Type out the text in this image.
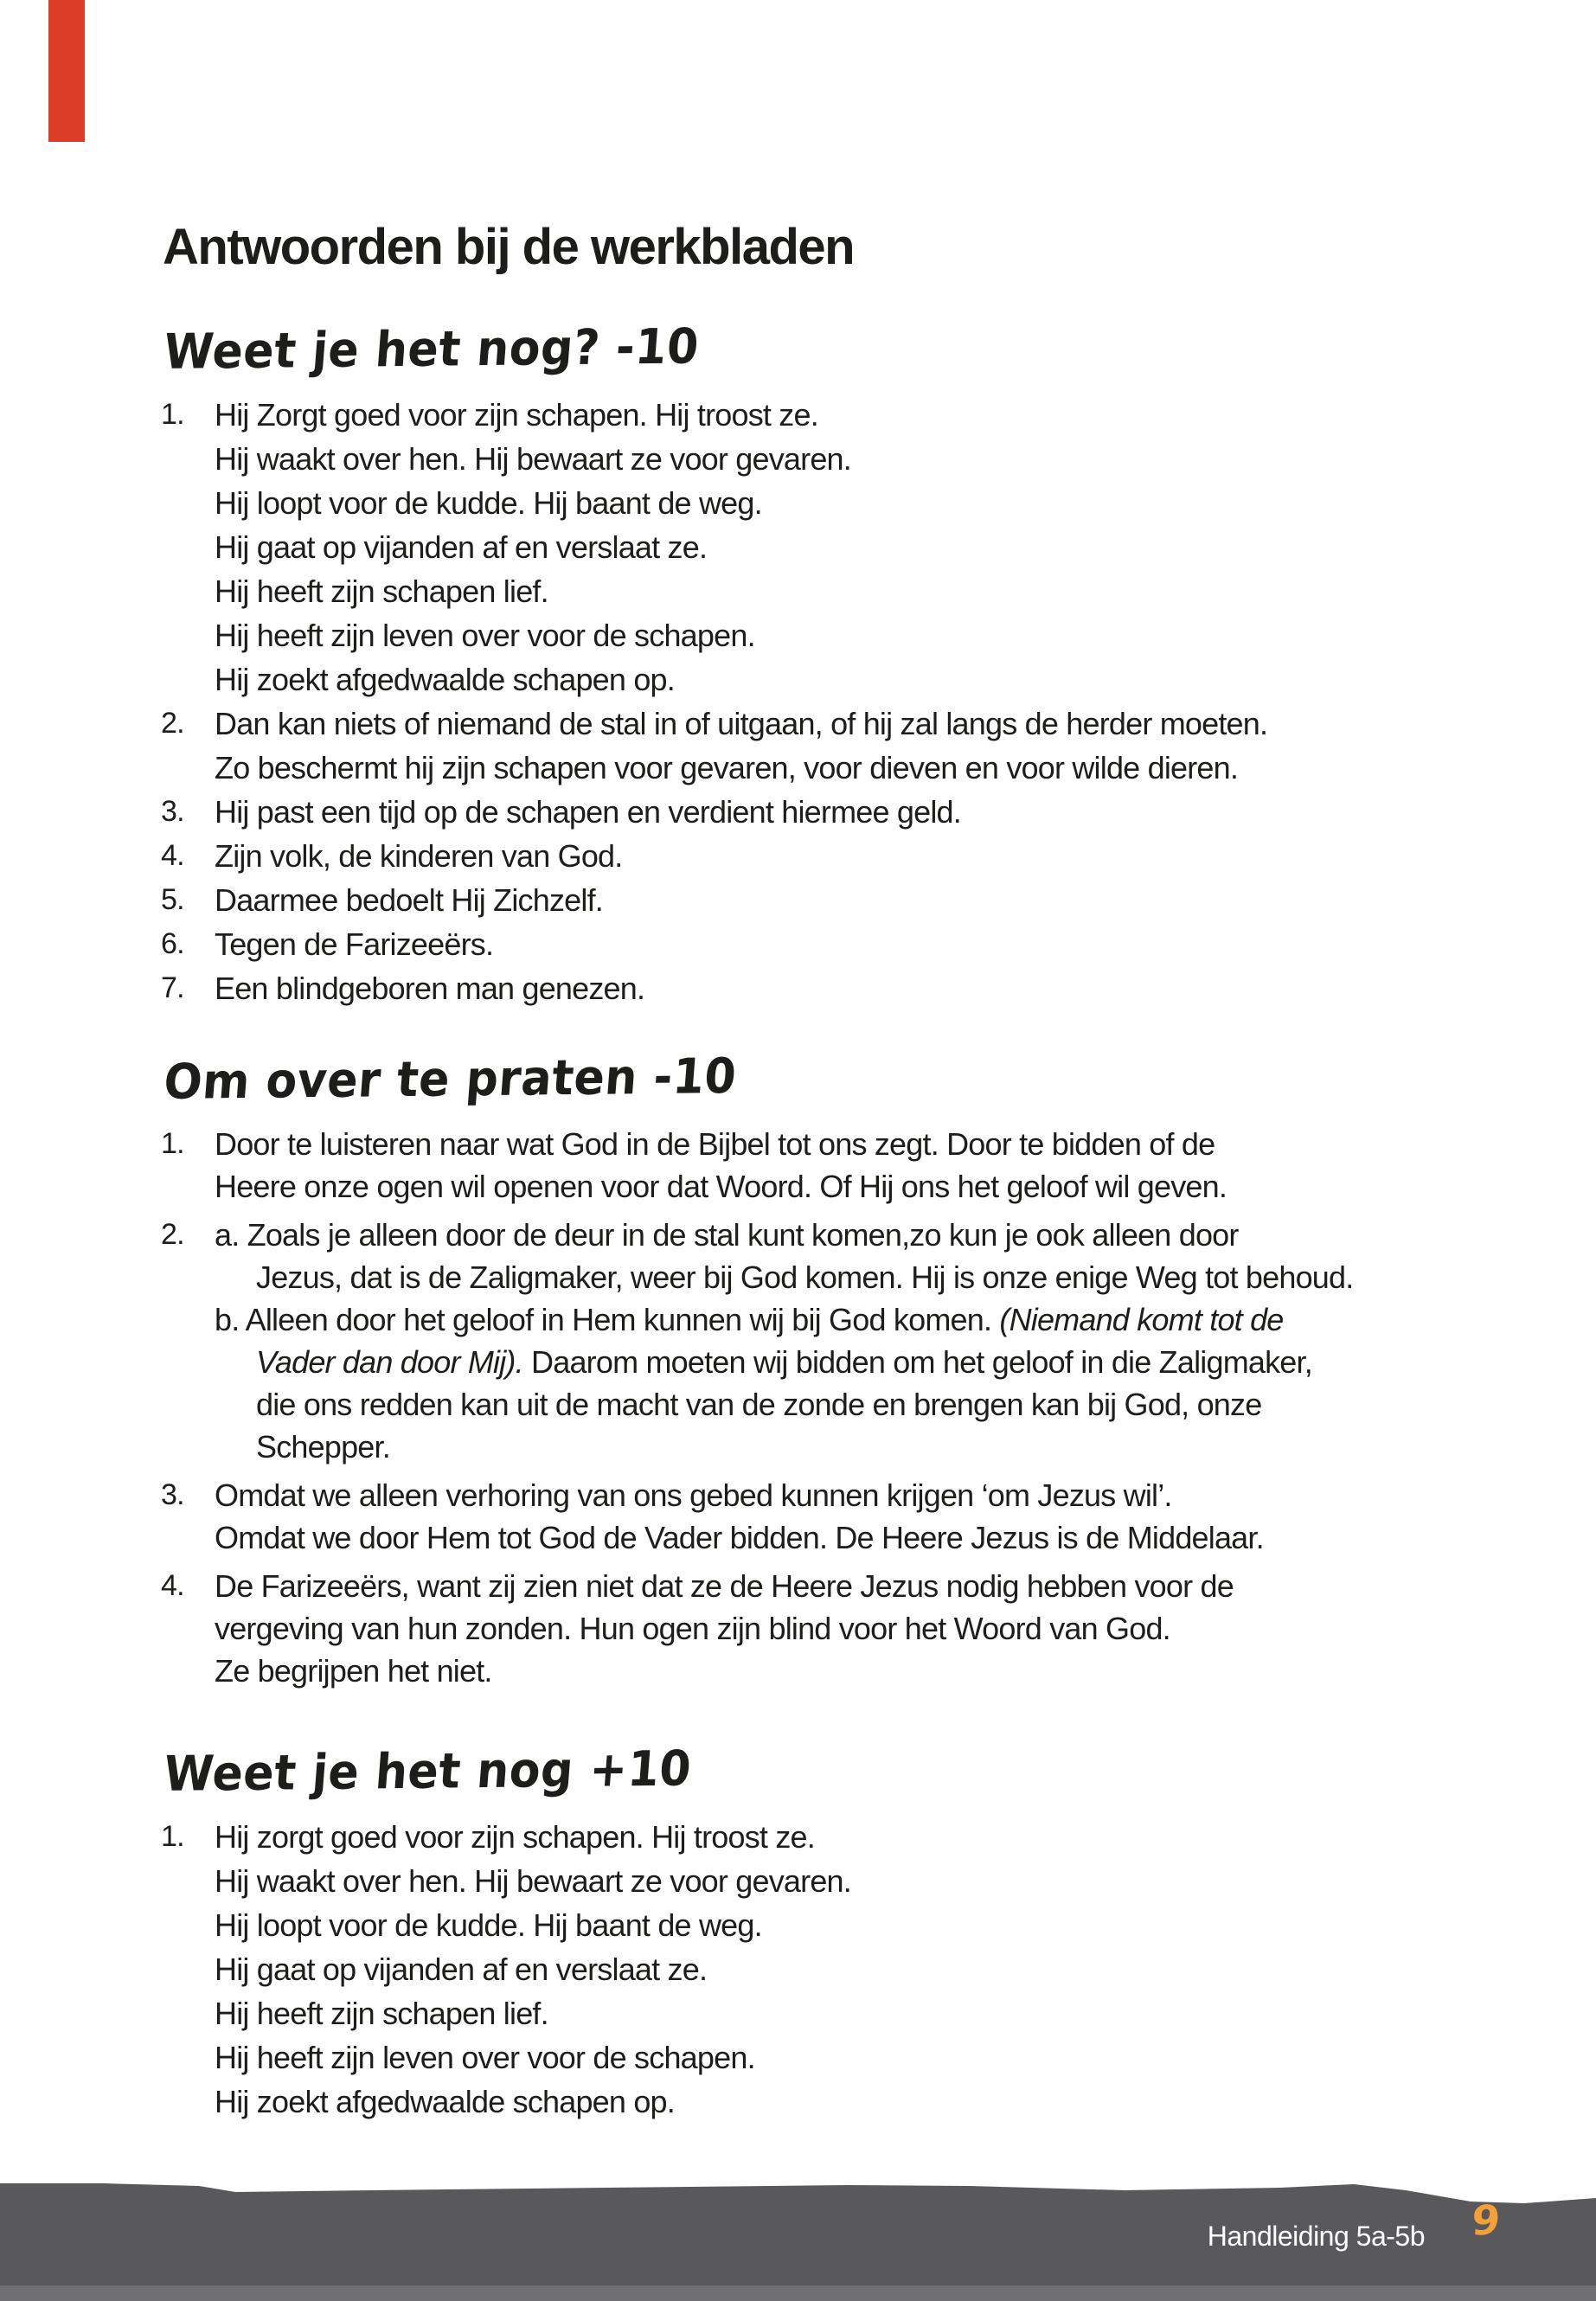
Antwoorden bij de werkbladen
Weet je het nog? -10
1. Hij Zorgt goed voor zijn schapen. Hij troost ze.
Hij waakt over hen. Hij bewaart ze voor gevaren.
Hij loopt voor de kudde. Hij baant de weg.
Hij gaat op vijanden af en verslaat ze.
Hij heeft zijn schapen lief.
Hij heeft zijn leven over voor de schapen.
Hij zoekt afgedwaalde schapen op.
2. Dan kan niets of niemand de stal in of uitgaan, of hij zal langs de herder moeten.
Zo beschermt hij zijn schapen voor gevaren, voor dieven en voor wilde dieren.
3. Hij past een tijd op de schapen en verdient hiermee geld.
4. Zijn volk, de kinderen van God.
5. Daarmee bedoelt Hij Zichzelf.
6. Tegen de Farizeeërs.
7. Een blindgeboren man genezen.
Om over te praten -10
1. Door te luisteren naar wat God in de Bijbel tot ons zegt. Door te bidden of de
Heere onze ogen wil openen voor dat Woord. Of Hij ons het geloof wil geven.
2. a. Zoals je alleen door de deur in de stal kunt komen,zo kun je ook alleen door
Jezus, dat is de Zaligmaker, weer bij God komen. Hij is onze enige Weg tot behoud.
b. Alleen door het geloof in Hem kunnen wij bij God komen. (Niemand komt tot de
Vader dan door Mij). Daarom moeten wij bidden om het geloof in die Zaligmaker,
die ons redden kan uit de macht van de zonde en brengen kan bij God, onze
Schepper.
3. Omdat we alleen verhoring van ons gebed kunnen krijgen ‘om Jezus wil’.
Omdat we door Hem tot God de Vader bidden. De Heere Jezus is de Middelaar.
4. De Farizeeërs, want zij zien niet dat ze de Heere Jezus nodig hebben voor de
vergeving van hun zonden. Hun ogen zijn blind voor het Woord van God.
Ze begrijpen het niet.
Weet je het nog +10
1. Hij zorgt goed voor zijn schapen. Hij troost ze.
Hij waakt over hen. Hij bewaart ze voor gevaren.
Hij loopt voor de kudde. Hij baant de weg.
Hij gaat op vijanden af en verslaat ze.
Hij heeft zijn schapen lief.
Hij heeft zijn leven over voor de schapen.
Hij zoekt afgedwaalde schapen op.
Handleiding 5a-5b 9
